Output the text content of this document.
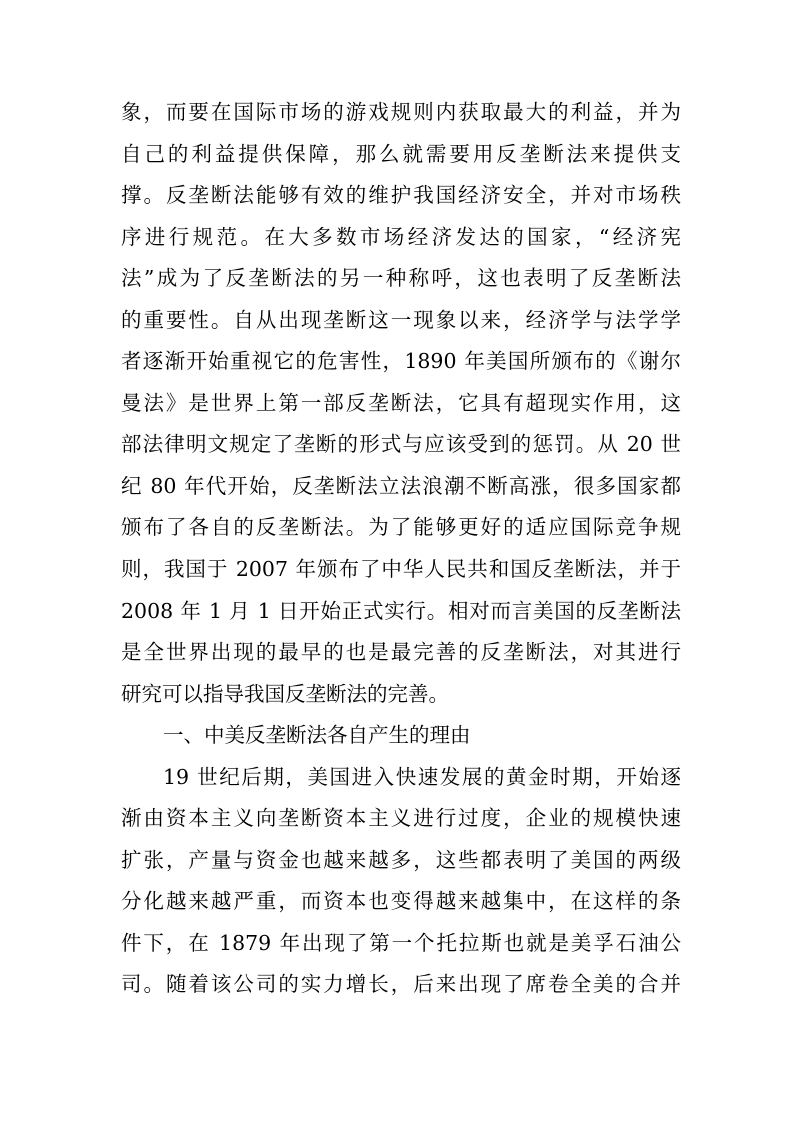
象，而要在国际市场的游戏规则内获取最大的利益，并为
自己的利益提供保障，那么就需要用反垄断法来提供支
撑。反垄断法能够有效的维护我国经济安全，并对市场秩
序进行规范。在大多数市场经济发达的国家，“经济宪
法”成为了反垄断法的另一种称呼，这也表明了反垄断法
的重要性。自从出现垄断这一现象以来，经济学与法学学
者逐渐开始重视它的危害性，1890 年美国所颁布的《谢尔
曼法》是世界上第一部反垄断法，它具有超现实作用，这
部法律明文规定了垄断的形式与应该受到的惩罚。从 20 世
纪 80 年代开始，反垄断法立法浪潮不断高涨，很多国家都
颁布了各自的反垄断法。为了能够更好的适应国际竞争规
则，我国于 2007 年颁布了中华人民共和国反垄断法，并于
2008 年 1 月 1 日开始正式实行。相对而言美国的反垄断法
是全世界出现的最早的也是最完善的反垄断法，对其进行
研究可以指导我国反垄断法的完善。
一、中美反垄断法各自产生的理由
19 世纪后期，美国进入快速发展的黄金时期，开始逐
渐由资本主义向垄断资本主义进行过度，企业的规模快速
扩张，产量与资金也越来越多，这些都表明了美国的两级
分化越来越严重，而资本也变得越来越集中，在这样的条
件下，在 1879 年出现了第一个托拉斯也就是美孚石油公
司。随着该公司的实力增长，后来出现了席卷全美的合并
